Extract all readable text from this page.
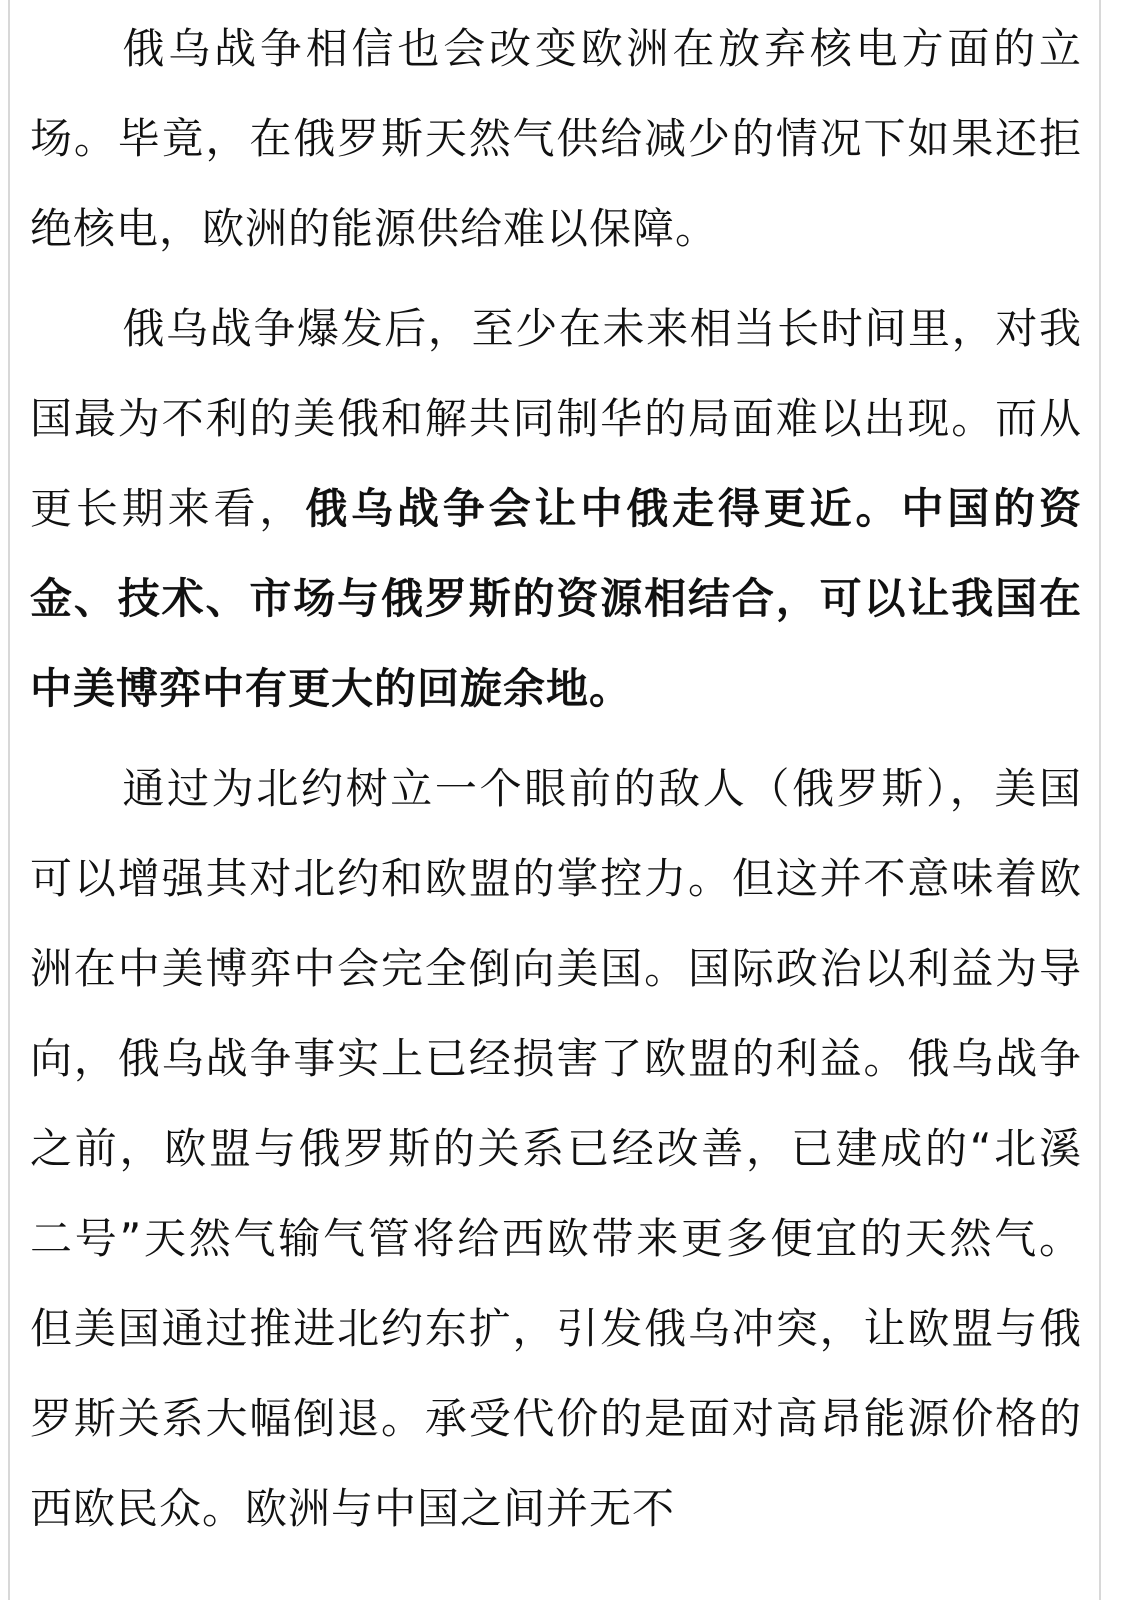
俄乌战争相信也会改变欧洲在放弃核电方面的立场。毕竟，在俄罗斯天然气供给减少的情况下如果还拒绝核电，欧洲的能源供给难以保障。

俄乌战争爆发后，至少在未来相当长时间里，对我国最为不利的美俄和解共同制华的局面难以出现。而从更长期来看，俄乌战争会让中俄走得更近。中国的资金、技术、市场与俄罗斯的资源相结合，可以让我国在中美博弈中有更大的回旋余地。

通过为北约树立一个眼前的敌人（俄罗斯），美国可以增强其对北约和欧盟的掌控力。但这并不意味着欧洲在中美博弈中会完全倒向美国。国际政治以利益为导向，俄乌战争事实上已经损害了欧盟的利益。俄乌战争之前，欧盟与俄罗斯的关系已经改善，已建成的“北溪二号”天然气输气管将给西欧带来更多便宜的天然气。但美国通过推进北约东扩，引发俄乌冲突，让欧盟与俄罗斯关系大幅倒退。承受代价的是面对高昂能源价格的西欧民众。欧洲与中国之间并无不
